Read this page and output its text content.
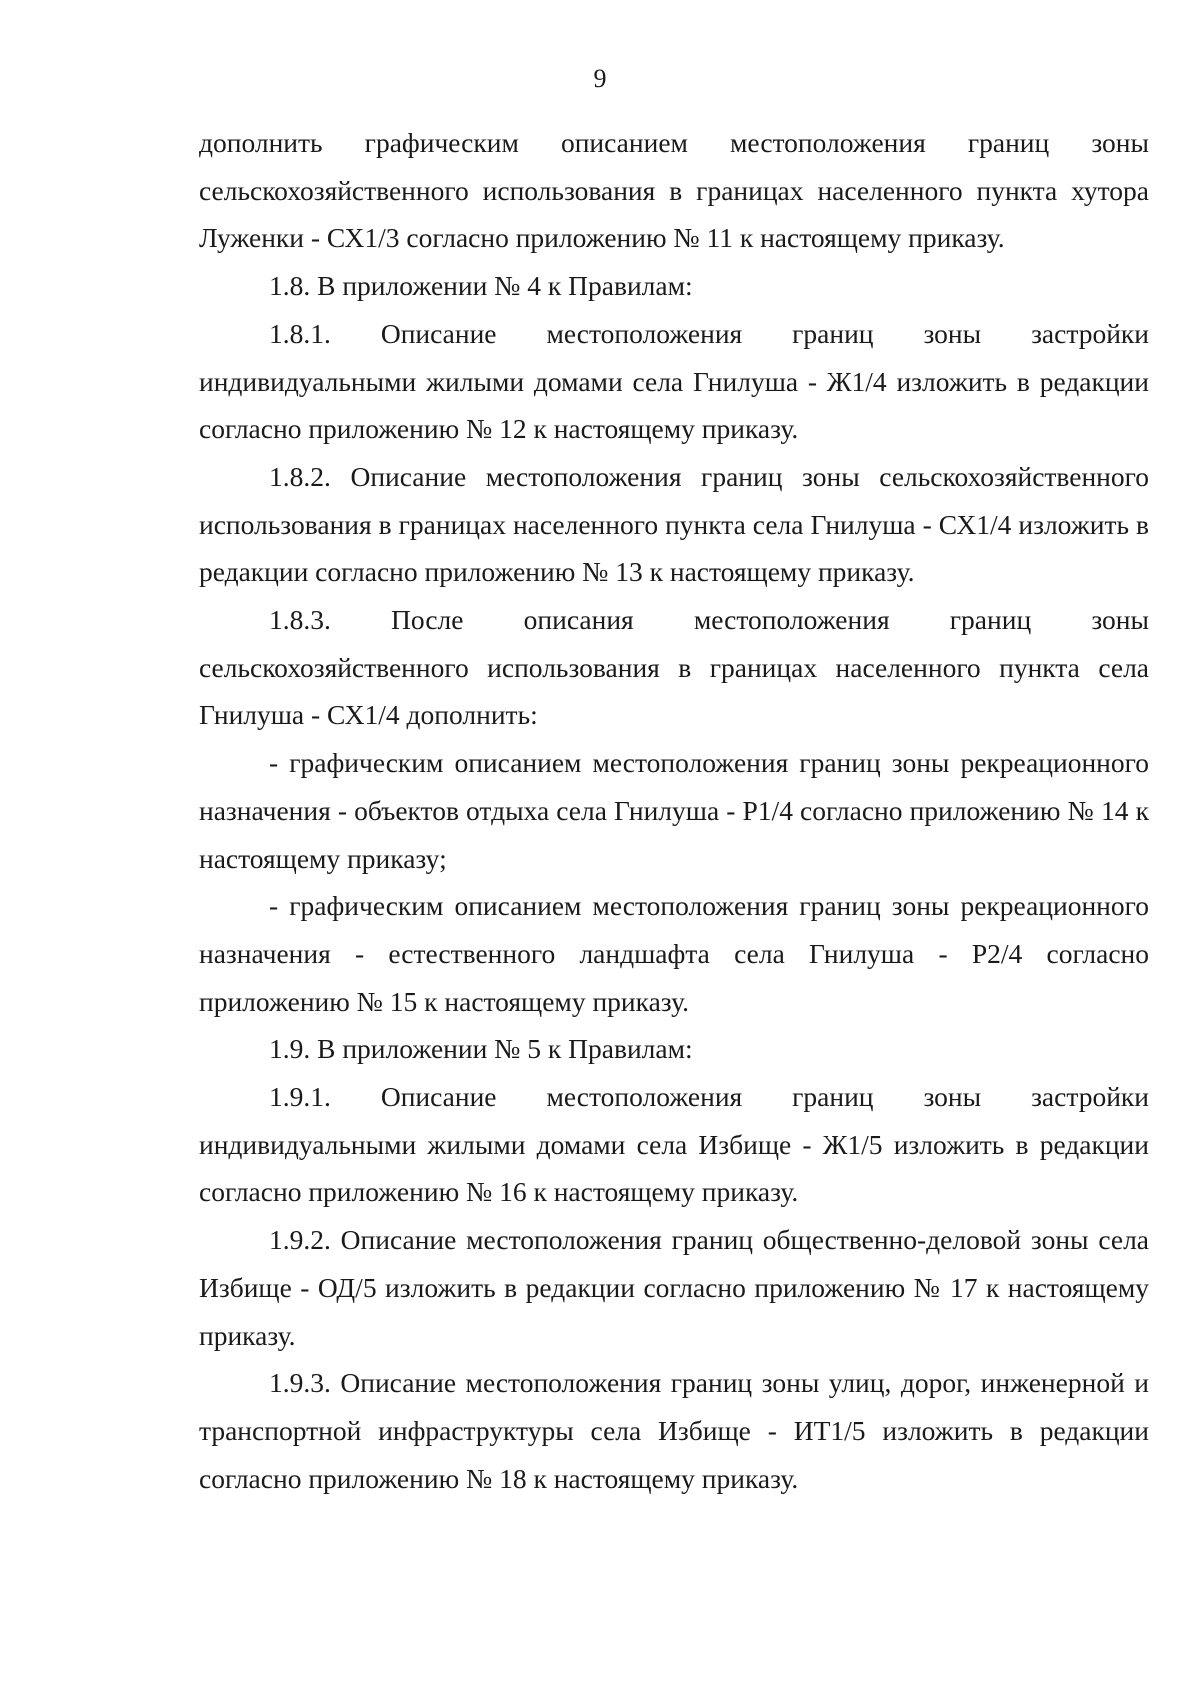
9

дополнить графическим описанием местоположения границ зоны сельскохозяйственного использования в границах населенного пункта хутора Луженки - СХ1/3 согласно приложению № 11 к настоящему приказу.

1.8. В приложении № 4 к Правилам:

1.8.1. Описание местоположения границ зоны застройки индивидуальными жилыми домами села Гнилуша - Ж1/4 изложить в редакции согласно приложению № 12 к настоящему приказу.

1.8.2. Описание местоположения границ зоны сельскохозяйственного использования в границах населенного пункта села Гнилуша - СХ1/4 изложить в редакции согласно приложению № 13 к настоящему приказу.

1.8.3. После описания местоположения границ зоны сельскохозяйственного использования в границах населенного пункта села Гнилуша - СХ1/4 дополнить:

- графическим описанием местоположения границ зоны рекреационного назначения - объектов отдыха села Гнилуша - Р1/4 согласно приложению № 14 к настоящему приказу;

- графическим описанием местоположения границ зоны рекреационного назначения - естественного ландшафта села Гнилуша - Р2/4 согласно приложению № 15 к настоящему приказу.

1.9. В приложении № 5 к Правилам:

1.9.1. Описание местоположения границ зоны застройки индивидуальными жилыми домами села Избище - Ж1/5 изложить в редакции согласно приложению № 16 к настоящему приказу.

1.9.2. Описание местоположения границ общественно-деловой зоны села Избище - ОД/5 изложить в редакции согласно приложению № 17 к настоящему приказу.

1.9.3. Описание местоположения границ зоны улиц, дорог, инженерной и транспортной инфраструктуры села Избище - ИТ1/5 изложить в редакции согласно приложению № 18 к настоящему приказу.
